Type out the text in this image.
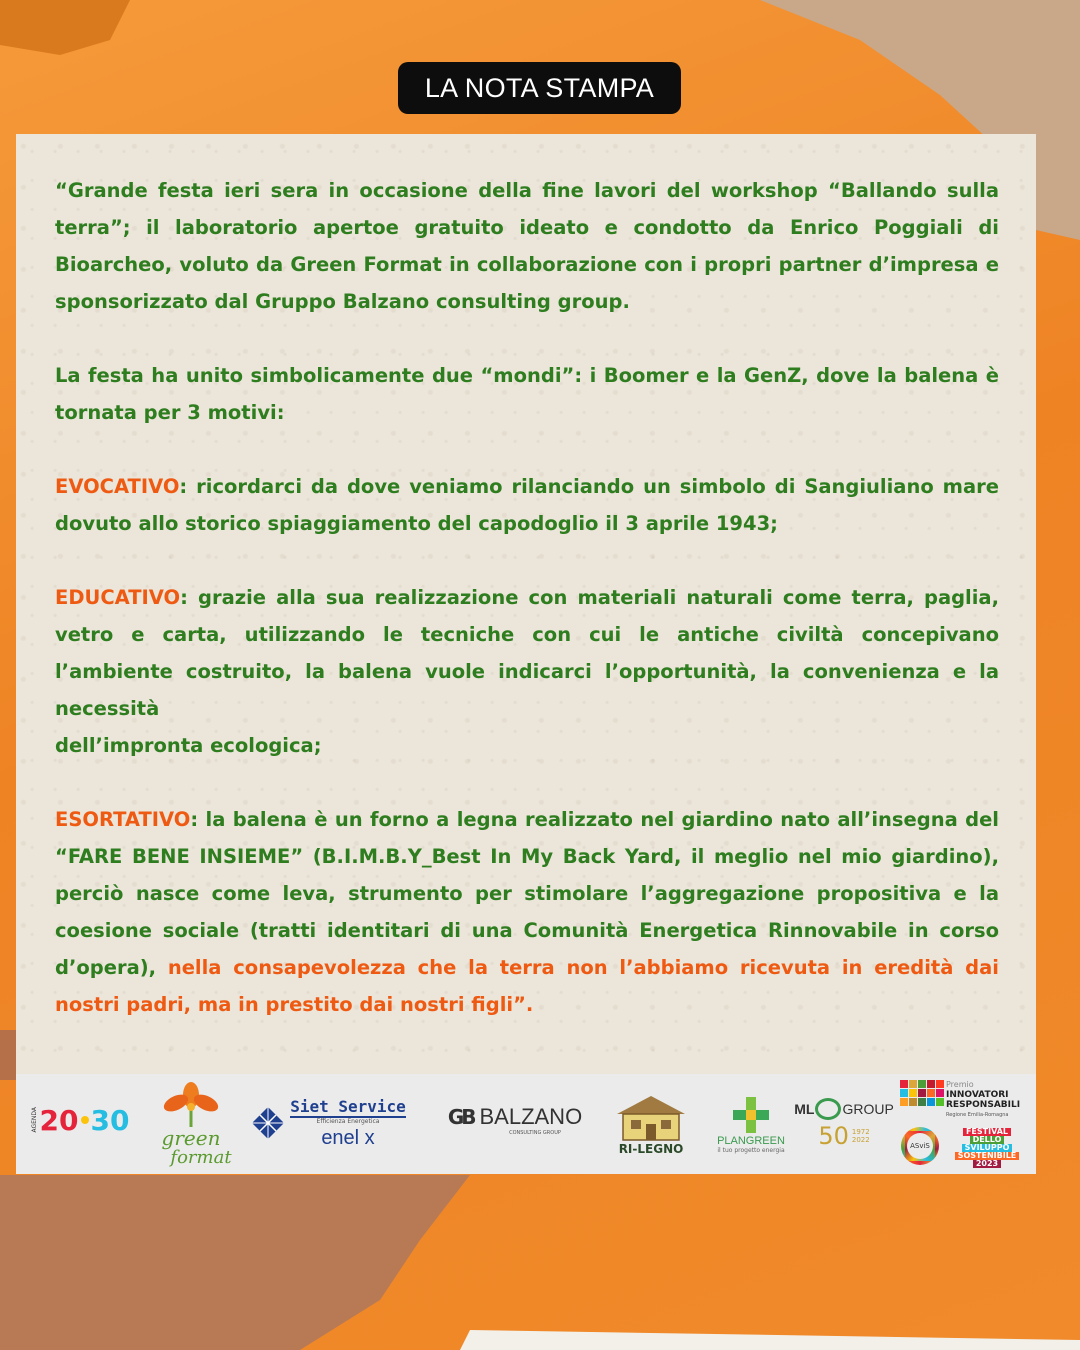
LA NOTA STAMPA

“Grande festa ieri sera in occasione della fine lavori del workshop “Ballando sulla terra”; il laboratorio apertoe gratuito ideato e condotto da Enrico Poggiali di Bioarcheo, voluto da Green Format in collaborazione con i propri partner d’impresa e sponsorizzato dal Gruppo Balzano consulting group.

La festa ha unito simbolicamente due “mondi”: i Boomer e la GenZ, dove la balena è tornata per 3 motivi:

EVOCATIVO: ricordarci da dove veniamo rilanciando un simbolo di Sangiuliano mare dovuto allo storico spiaggiamento del capodoglio il 3 aprile 1943;

EDUCATIVO: grazie alla sua realizzazione con materiali naturali come terra, paglia, vetro e carta, utilizzando le tecniche con cui le antiche civiltà concepivano l’ambiente costruito, la balena vuole indicarci l’opportunità, la convenienza e la necessità

dell’impronta ecologica;

ESORTATIVO: la balena è un forno a legna realizzato nel giardino nato all’insegna del “FARE BENE INSIEME” (B.I.M.B.Y_Best In My Back Yard, il meglio nel mio giardino), perciò nasce come leva, strumento per stimolare l’aggregazione propositiva e la coesione sociale (tratti identitari di una Comunità Energetica Rinnovabile in corso d’opera), nella consapevolezza che la terra non l’abbiamo ricevuta in eredità dai nostri padri, ma in prestito dai nostri figli”.

AGENDA 20 30
green
format
Siet Service
Efficienza Energetica
enel x
GB BALZANO
CONSULTING GROUP
RI-LEGNO
PLANGREEN
il tuo progetto energia
ML GROUP
50 1972
2022
Premio
INNOVATORI
RESPONSABILI
Regione Emilia-Romagna
ASviS
FESTIVAL
DELLO
SVILUPPO
SOSTENIBILE
2023
